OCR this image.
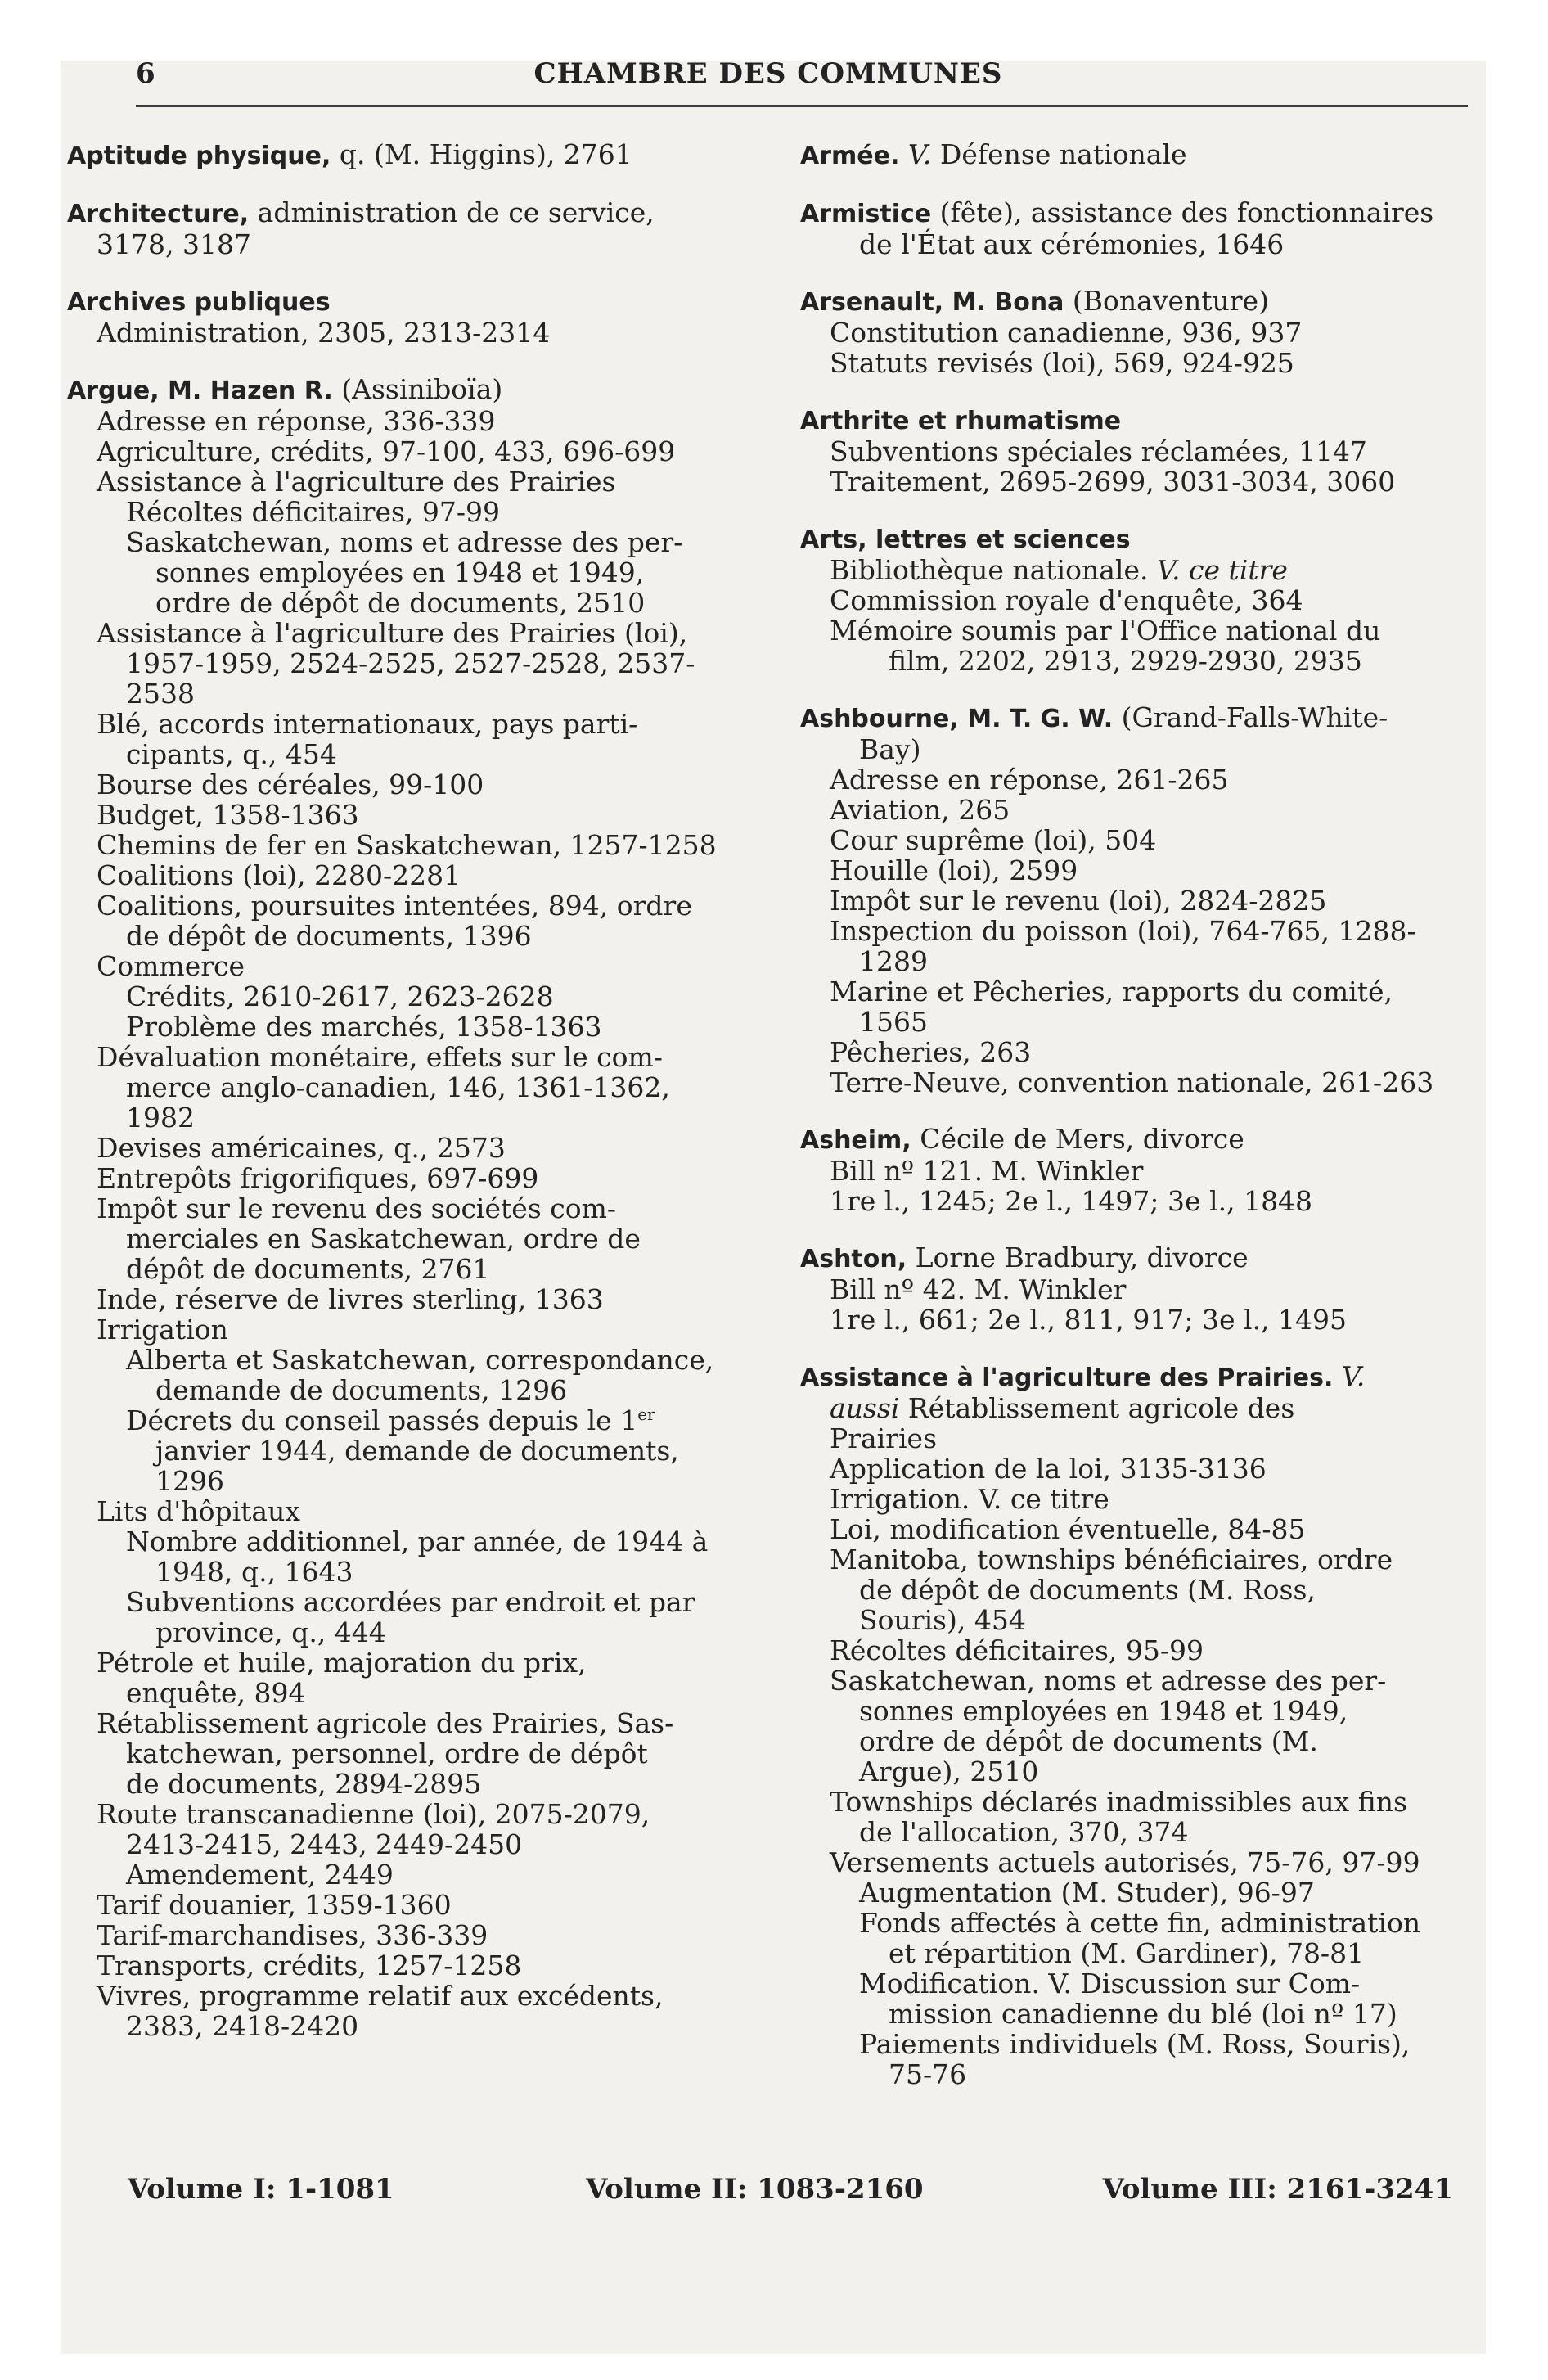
6	CHAMBRE DES COMMUNES
Aptitude physique, q. (M. Higgins), 2761
Architecture, administration de ce service,
3178, 3187
Archives publiques
Administration, 2305, 2313-2314
Argue, M. Hazen R. (Assiniboïa)
Adresse en réponse, 336-339
Agriculture, crédits, 97-100, 433, 696-699
Assistance à l'agriculture des Prairies
Récoltes déficitaires, 97-99
Saskatchewan, noms et adresse des per-
sonnes employées en 1948 et 1949,
ordre de dépôt de documents, 2510
Assistance à l'agriculture des Prairies (loi),
1957-1959, 2524-2525, 2527-2528, 2537-
2538
Blé, accords internationaux, pays parti-
cipants, q., 454
Bourse des céréales, 99-100
Budget, 1358-1363
Chemins de fer en Saskatchewan, 1257-1258
Coalitions (loi), 2280-2281
Coalitions, poursuites intentées, 894, ordre
de dépôt de documents, 1396
Commerce
Crédits, 2610-2617, 2623-2628
Problème des marchés, 1358-1363
Dévaluation monétaire, effets sur le com-
merce anglo-canadien, 146, 1361-1362,
1982
Devises américaines, q., 2573
Entrepôts frigorifiques, 697-699
Impôt sur le revenu des sociétés com-
merciales en Saskatchewan, ordre de
dépôt de documents, 2761
Inde, réserve de livres sterling, 1363
Irrigation
Alberta et Saskatchewan, correspondance,
demande de documents, 1296
Décrets du conseil passés depuis le 1er
janvier 1944, demande de documents,
1296
Lits d'hôpitaux
Nombre additionnel, par année, de 1944 à
1948, q., 1643
Subventions accordées par endroit et par
province, q., 444
Pétrole et huile, majoration du prix,
enquête, 894
Rétablissement agricole des Prairies, Sas-
katchewan, personnel, ordre de dépôt
de documents, 2894-2895
Route transcanadienne (loi), 2075-2079,
2413-2415, 2443, 2449-2450
Amendement, 2449
Tarif douanier, 1359-1360
Tarif-marchandises, 336-339
Transports, crédits, 1257-1258
Vivres, programme relatif aux excédents,
2383, 2418-2420
Armée. V. Défense nationale
Armistice (fête), assistance des fonctionnaires
de l'État aux cérémonies, 1646
Arsenault, M. Bona (Bonaventure)
Constitution canadienne, 936, 937
Statuts revisés (loi), 569, 924-925
Arthrite et rhumatisme
Subventions spéciales réclamées, 1147
Traitement, 2695-2699, 3031-3034, 3060
Arts, lettres et sciences
Bibliothèque nationale. V. ce titre
Commission royale d'enquête, 364
Mémoire soumis par l'Office national du
film, 2202, 2913, 2929-2930, 2935
Ashbourne, M. T. G. W. (Grand-Falls-White-
Bay)
Adresse en réponse, 261-265
Aviation, 265
Cour suprême (loi), 504
Houille (loi), 2599
Impôt sur le revenu (loi), 2824-2825
Inspection du poisson (loi), 764-765, 1288-
1289
Marine et Pêcheries, rapports du comité,
1565
Pêcheries, 263
Terre-Neuve, convention nationale, 261-263
Asheim, Cécile de Mers, divorce
Bill nº 121. M. Winkler
1re l., 1245; 2e l., 1497; 3e l., 1848
Ashton, Lorne Bradbury, divorce
Bill nº 42. M. Winkler
1re l., 661; 2e l., 811, 917; 3e l., 1495
Assistance à l'agriculture des Prairies. V.
aussi Rétablissement agricole des
Prairies
Application de la loi, 3135-3136
Irrigation. V. ce titre
Loi, modification éventuelle, 84-85
Manitoba, townships bénéficiaires, ordre
de dépôt de documents (M. Ross,
Souris), 454
Récoltes déficitaires, 95-99
Saskatchewan, noms et adresse des per-
sonnes employées en 1948 et 1949,
ordre de dépôt de documents (M.
Argue), 2510
Townships déclarés inadmissibles aux fins
de l'allocation, 370, 374
Versements actuels autorisés, 75-76, 97-99
Augmentation (M. Studer), 96-97
Fonds affectés à cette fin, administration
et répartition (M. Gardiner), 78-81
Modification. V. Discussion sur Com-
mission canadienne du blé (loi nº 17)
Paiements individuels (M. Ross, Souris),
75-76
Volume I: 1-1081	Volume II: 1083-2160	Volume III: 2161-3241
